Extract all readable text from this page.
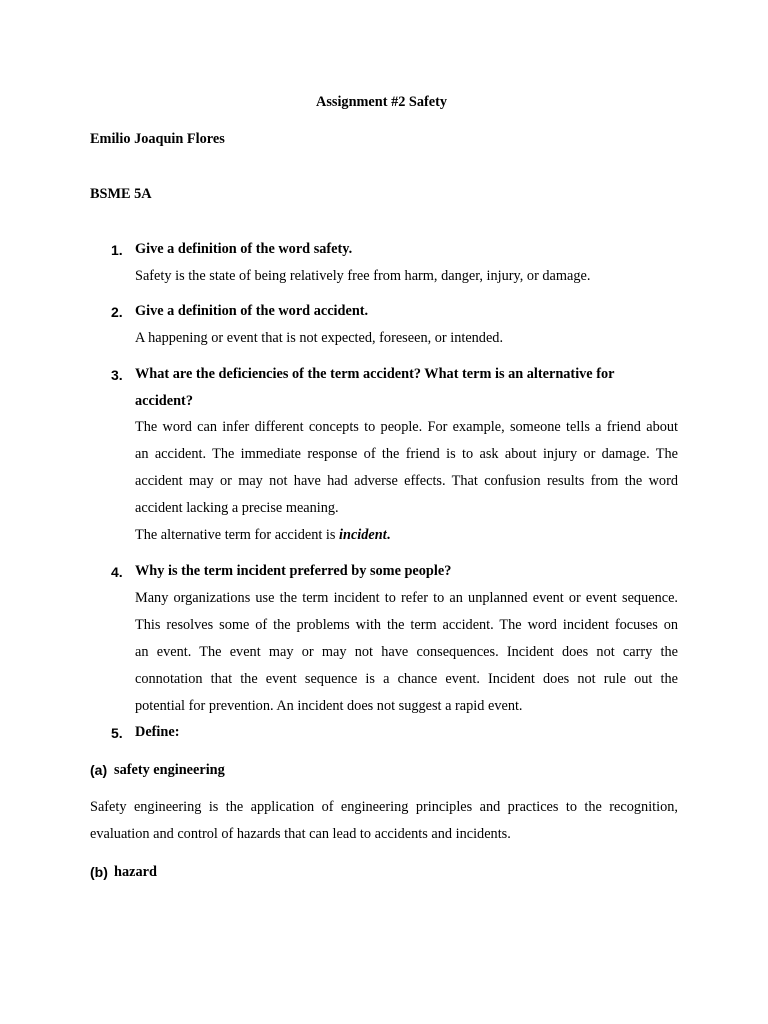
Assignment #2 Safety

Emilio Joaquin Flores

BSME 5A

1. Give a definition of the word safety.

Safety is the state of being relatively free from harm, danger, injury, or damage.

2. Give a definition of the word accident.

A happening or event that is not expected, foreseen, or intended.

3. What are the deficiencies of the term accident? What term is an alternative for

accident?

The word can infer different concepts to people. For example, someone tells a friend about

an accident. The immediate response of the friend is to ask about injury or damage. The

accident may or may not have had adverse effects. That confusion results from the word

accident lacking a precise meaning.

The alternative term for accident is incident.

4. Why is the term incident preferred by some people?

Many organizations use the term incident to refer to an unplanned event or event sequence.

This resolves some of the problems with the term accident. The word incident focuses on

an event. The event may or may not have consequences. Incident does not carry the

connotation that the event sequence is a chance event. Incident does not rule out the

potential for prevention. An incident does not suggest a rapid event.

5. Define:

(a) safety engineering

Safety engineering is the application of engineering principles and practices to the recognition,

evaluation and control of hazards that can lead to accidents and incidents.

(b) hazard
